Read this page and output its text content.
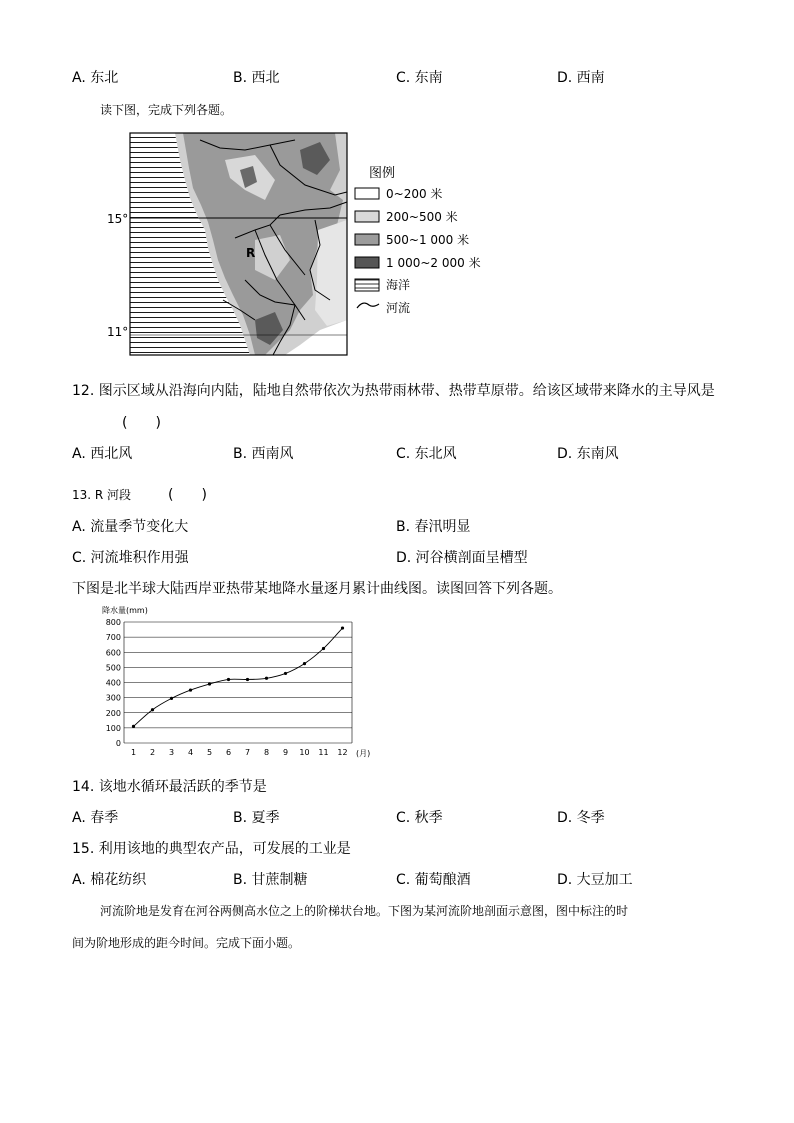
A. 东北	B. 西北	C. 东南	D. 西南
读下图，完成下列各题。
15°
11°
R
图例
0~200 米
200~500 米
500~1 000 米
1 000~2 000 米
海洋
河流
12. 图示区域从沿海向内陆，陆地自然带依次为热带雨林带、热带草原带。给该区域带来降水的主导风是
(　　)
A. 西北风	B. 西南风	C. 东北风	D. 东南风
13. R 河段	(　　)
A. 流量季节变化大	B. 春汛明显
C. 河流堆积作用强	D. 河谷横剖面呈槽型
下图是北半球大陆西岸亚热带某地降水量逐月累计曲线图。读图回答下列各题。
降水量(mm)
0
100
200
300
400
500
600
700
800
1 2 3 4 5 6 7 8 9 10 11 12 (月)
14. 该地水循环最活跃的季节是
A. 春季	B. 夏季	C. 秋季	D. 冬季
15. 利用该地的典型农产品，可发展的工业是
A. 棉花纺织	B. 甘蔗制糖	C. 葡萄酿酒	D. 大豆加工
河流阶地是发育在河谷两侧高水位之上的阶梯状台地。下图为某河流阶地剖面示意图，图中标注的时
间为阶地形成的距今时间。完成下面小题。
